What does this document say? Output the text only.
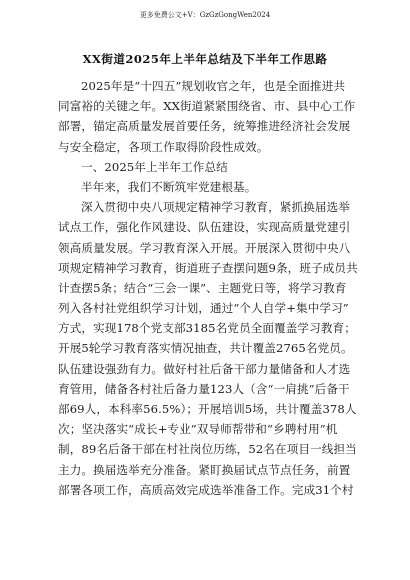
更多免费公文+V：GzGzGongWen2024
XX街道2025年上半年总结及下半年工作思路
2025年是“十四五”规划收官之年，也是全面推进共
同富裕的关键之年。XX街道紧紧围绕省、市、县中心工作
部署，锚定高质量发展首要任务，统筹推进经济社会发展
与安全稳定，各项工作取得阶段性成效。
一、2025年上半年工作总结
半年来，我们不断筑牢党建根基。
深入贯彻中央八项规定精神学习教育，紧抓换届选举
试点工作，强化作风建设、队伍建设，实现高质量党建引
领高质量发展。学习教育深入开展。开展深入贯彻中央八
项规定精神学习教育，街道班子查摆问题9条，班子成员共
计查摆5条；结合“三会一课”、主题党日等，将学习教育
列入各村社党组织学习计划，通过“个人自学+集中学习”
方式，实现178个党支部3185名党员全面覆盖学习教育；
开展5轮学习教育落实情况抽查，共计覆盖2765名党员。
队伍建设强劲有力。做好村社后备干部力量储备和人才选
育管用，储备各村社后备力量123人（含“一肩挑”后备干
部69人，本科率56.5%）；开展培训5场，共计覆盖378人
次；坚决落实“成长+专业”双导师帮带和“乡聘村用”机
制，89名后备干部在村社岗位历练，52名在项目一线担当
主力。换届选举充分准备。紧盯换届试点节点任务，前置
部署各项工作，高质高效完成选举准备工作。完成31个村
